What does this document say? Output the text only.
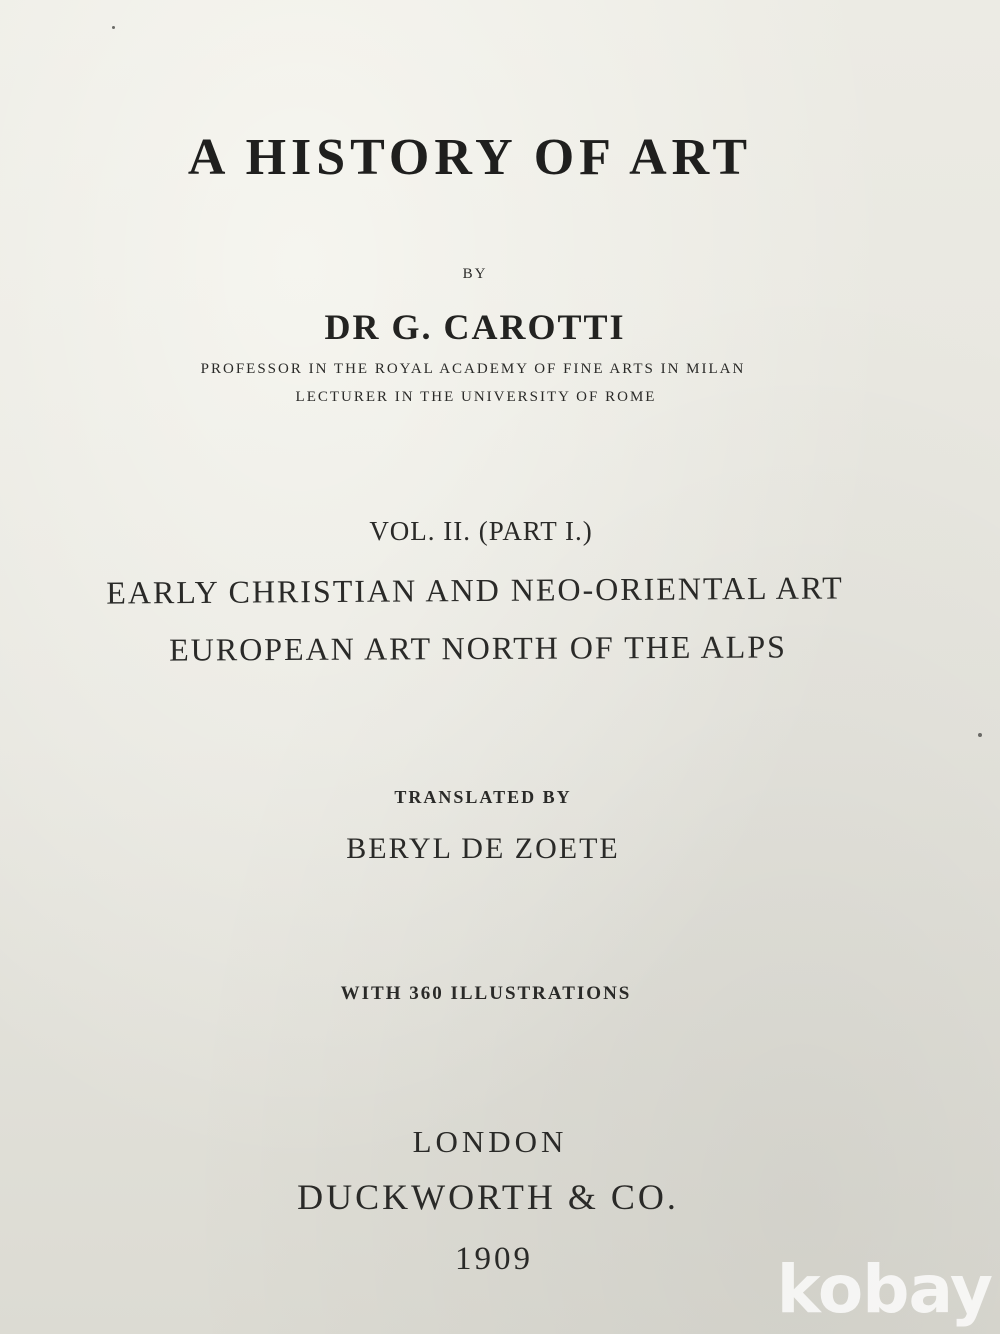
A HISTORY OF ART
BY
DR G. CAROTTI
PROFESSOR IN THE ROYAL ACADEMY OF FINE ARTS IN MILAN
LECTURER IN THE UNIVERSITY OF ROME
VOL. II. (PART I.)
EARLY CHRISTIAN AND NEO-ORIENTAL ART
EUROPEAN ART NORTH OF THE ALPS
TRANSLATED BY
BERYL DE ZOETE
WITH 360 ILLUSTRATIONS
LONDON
DUCKWORTH & CO.
1909	kobay
